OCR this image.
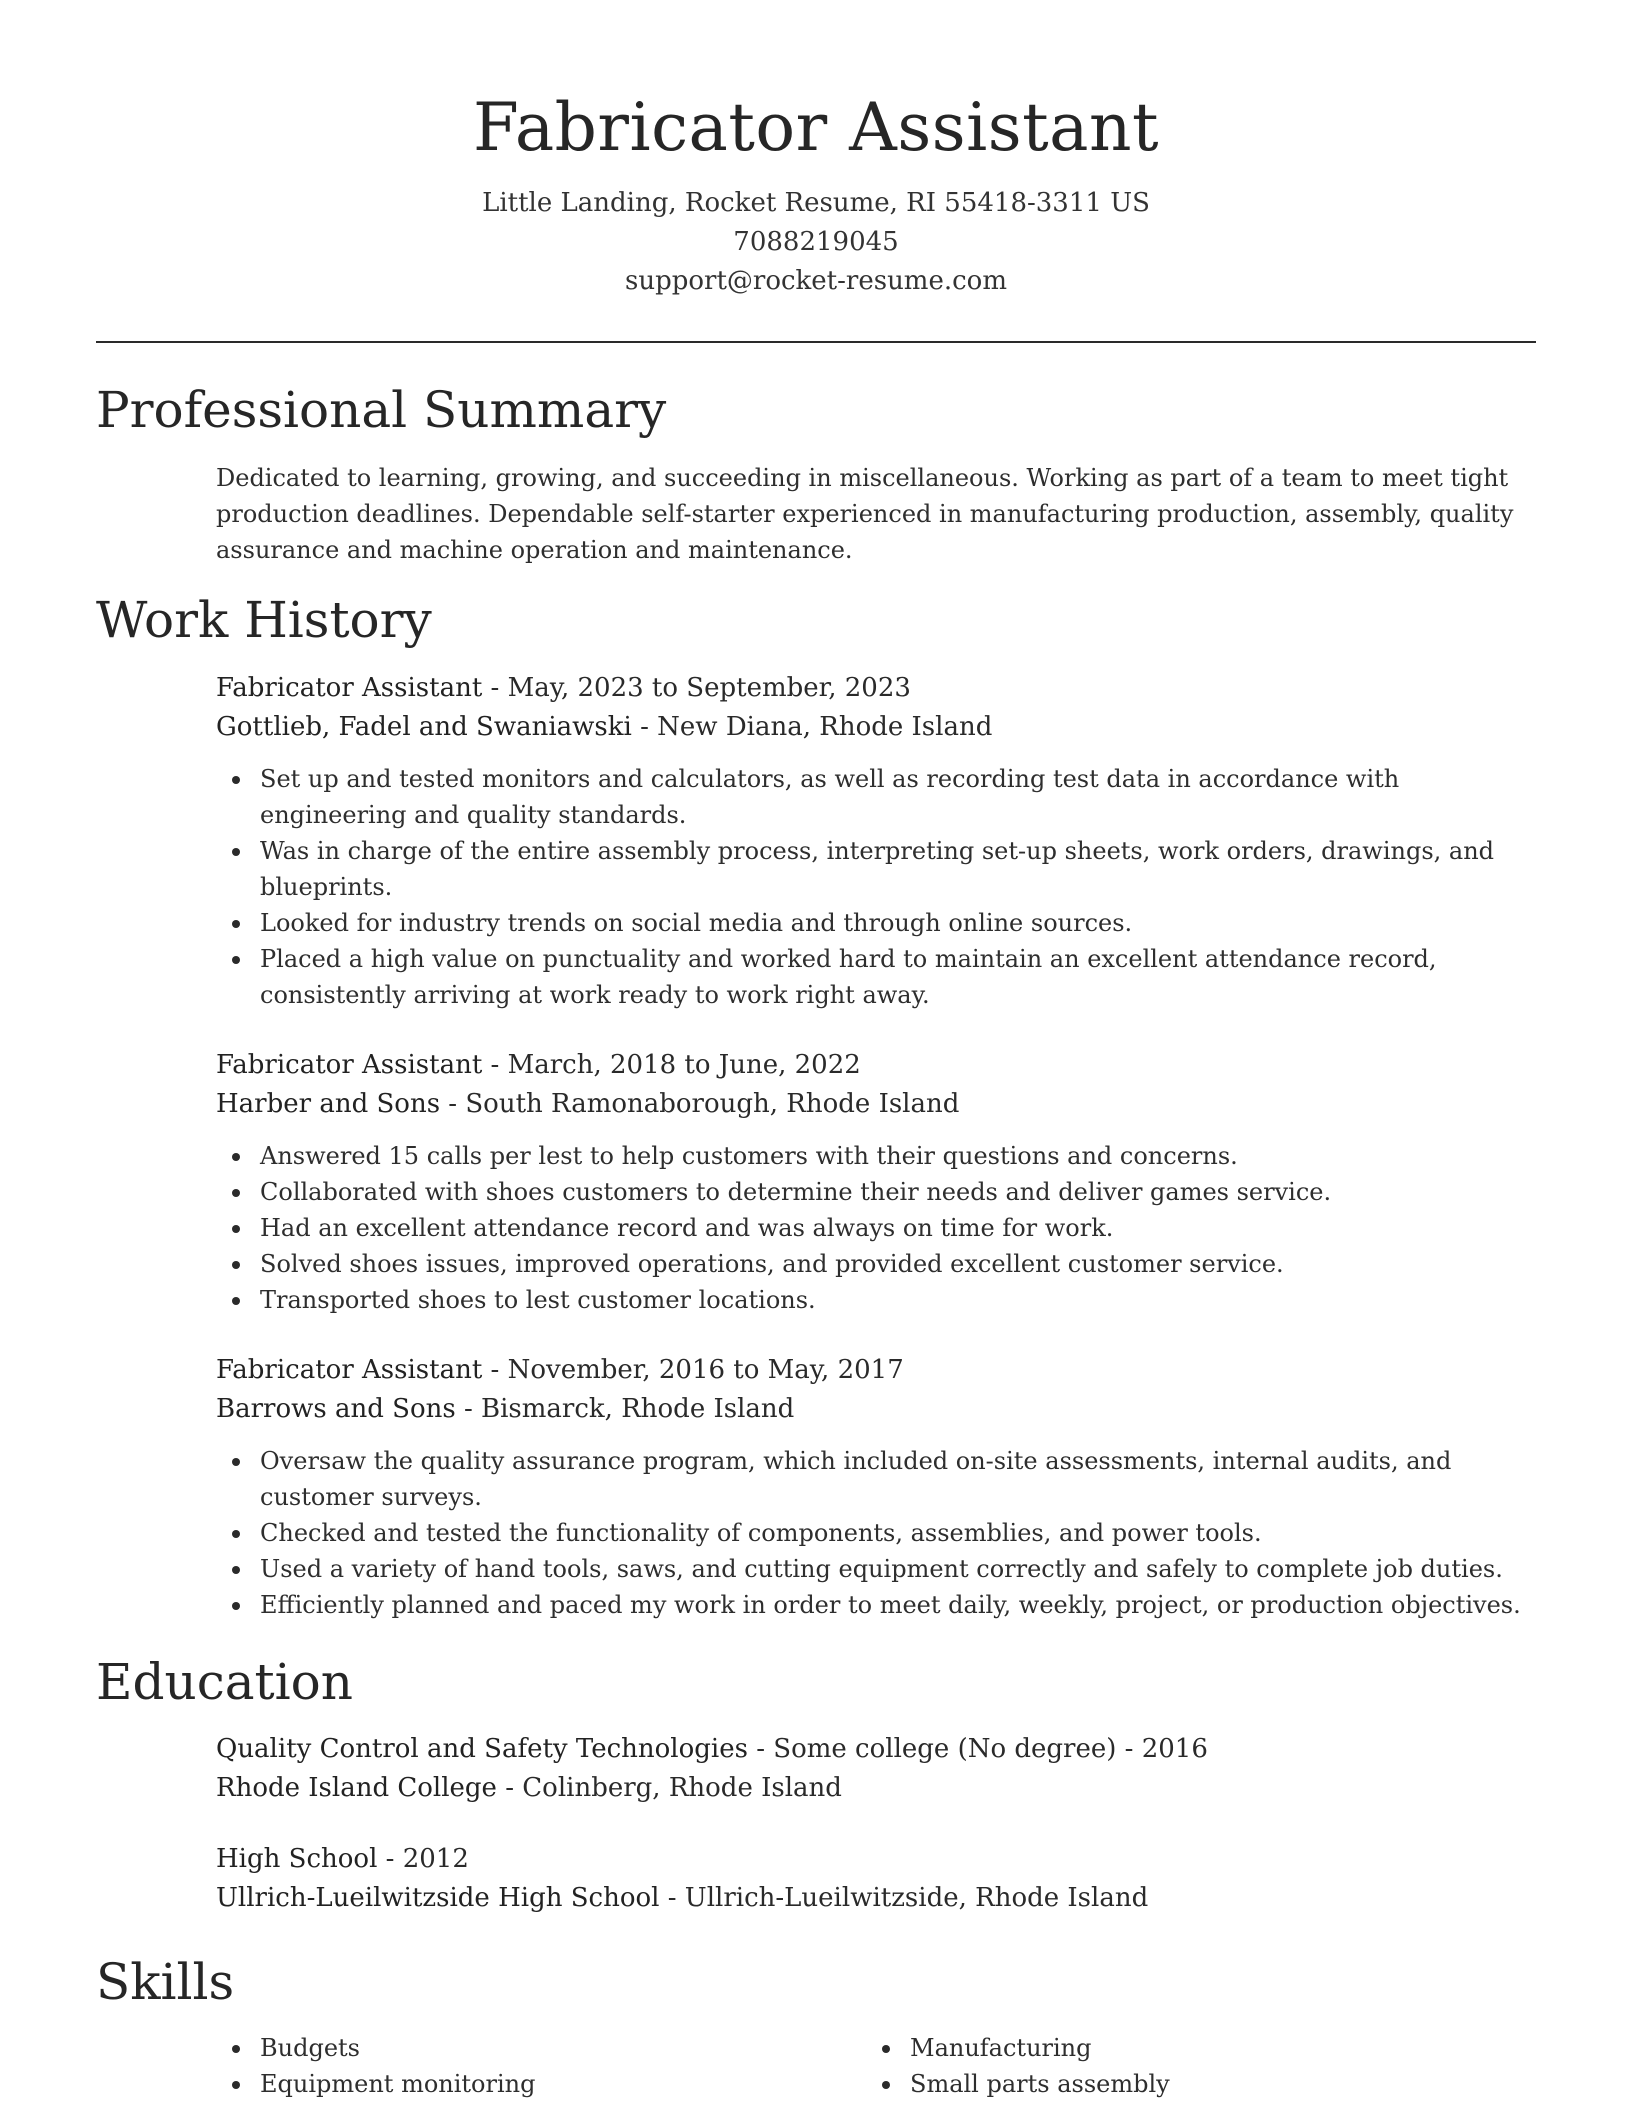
Fabricator Assistant
Little Landing, Rocket Resume, RI 55418-3311 US
7088219045
support@rocket-resume.com
Professional Summary
Dedicated to learning, growing, and succeeding in miscellaneous. Working as part of a team to meet tight production deadlines. Dependable self-starter experienced in manufacturing production, assembly, quality assurance and machine operation and maintenance.
Work History
Fabricator Assistant - May, 2023 to September, 2023
Gottlieb, Fadel and Swaniawski - New Diana, Rhode Island
Set up and tested monitors and calculators, as well as recording test data in accordance with engineering and quality standards.
Was in charge of the entire assembly process, interpreting set-up sheets, work orders, drawings, and blueprints.
Looked for industry trends on social media and through online sources.
Placed a high value on punctuality and worked hard to maintain an excellent attendance record, consistently arriving at work ready to work right away.
Fabricator Assistant - March, 2018 to June, 2022
Harber and Sons - South Ramonaborough, Rhode Island
Answered 15 calls per lest to help customers with their questions and concerns.
Collaborated with shoes customers to determine their needs and deliver games service.
Had an excellent attendance record and was always on time for work.
Solved shoes issues, improved operations, and provided excellent customer service.
Transported shoes to lest customer locations.
Fabricator Assistant - November, 2016 to May, 2017
Barrows and Sons - Bismarck, Rhode Island
Oversaw the quality assurance program, which included on-site assessments, internal audits, and customer surveys.
Checked and tested the functionality of components, assemblies, and power tools.
Used a variety of hand tools, saws, and cutting equipment correctly and safely to complete job duties.
Efficiently planned and paced my work in order to meet daily, weekly, project, or production objectives.
Education
Quality Control and Safety Technologies - Some college (No degree) - 2016
Rhode Island College - Colinberg, Rhode Island
High School - 2012
Ullrich-Lueilwitzside High School - Ullrich-Lueilwitzside, Rhode Island
Skills
Budgets
Equipment monitoring
Manufacturing
Small parts assembly
